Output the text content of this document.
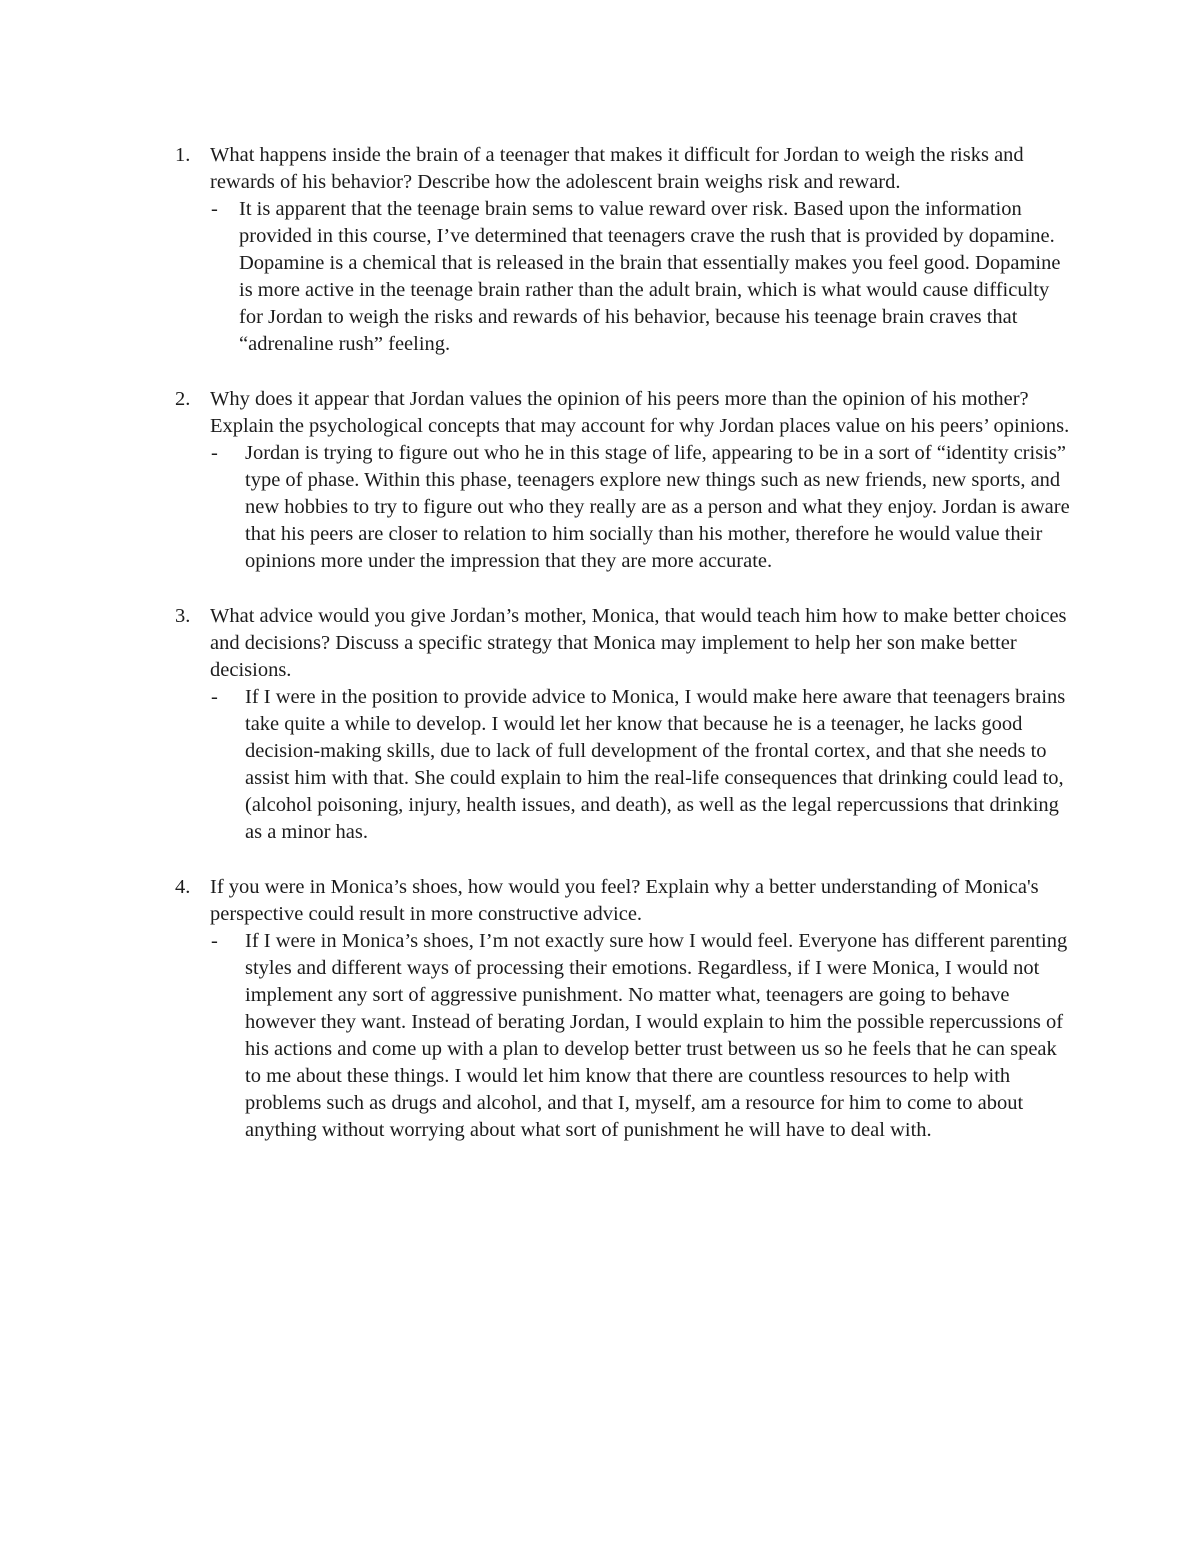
1. What happens inside the brain of a teenager that makes it difficult for Jordan to weigh the risks and rewards of his behavior? Describe how the adolescent brain weighs risk and reward.
- It is apparent that the teenage brain sems to value reward over risk. Based upon the information provided in this course, I’ve determined that teenagers crave the rush that is provided by dopamine. Dopamine is a chemical that is released in the brain that essentially makes you feel good. Dopamine is more active in the teenage brain rather than the adult brain, which is what would cause difficulty for Jordan to weigh the risks and rewards of his behavior, because his teenage brain craves that “adrenaline rush” feeling.
2. Why does it appear that Jordan values the opinion of his peers more than the opinion of his mother? Explain the psychological concepts that may account for why Jordan places value on his peers’ opinions.
- Jordan is trying to figure out who he in this stage of life, appearing to be in a sort of “identity crisis” type of phase. Within this phase, teenagers explore new things such as new friends, new sports, and new hobbies to try to figure out who they really are as a person and what they enjoy. Jordan is aware that his peers are closer to relation to him socially than his mother, therefore he would value their opinions more under the impression that they are more accurate.
3. What advice would you give Jordan’s mother, Monica, that would teach him how to make better choices and decisions? Discuss a specific strategy that Monica may implement to help her son make better decisions.
- If I were in the position to provide advice to Monica, I would make here aware that teenagers brains take quite a while to develop. I would let her know that because he is a teenager, he lacks good decision-making skills, due to lack of full development of the frontal cortex, and that she needs to assist him with that. She could explain to him the real-life consequences that drinking could lead to, (alcohol poisoning, injury, health issues, and death), as well as the legal repercussions that drinking as a minor has.
4. If you were in Monica’s shoes, how would you feel? Explain why a better understanding of Monica's perspective could result in more constructive advice.
- If I were in Monica’s shoes, I’m not exactly sure how I would feel. Everyone has different parenting styles and different ways of processing their emotions. Regardless, if I were Monica, I would not implement any sort of aggressive punishment. No matter what, teenagers are going to behave however they want. Instead of berating Jordan, I would explain to him the possible repercussions of his actions and come up with a plan to develop better trust between us so he feels that he can speak to me about these things. I would let him know that there are countless resources to help with problems such as drugs and alcohol, and that I, myself, am a resource for him to come to about anything without worrying about what sort of punishment he will have to deal with.
